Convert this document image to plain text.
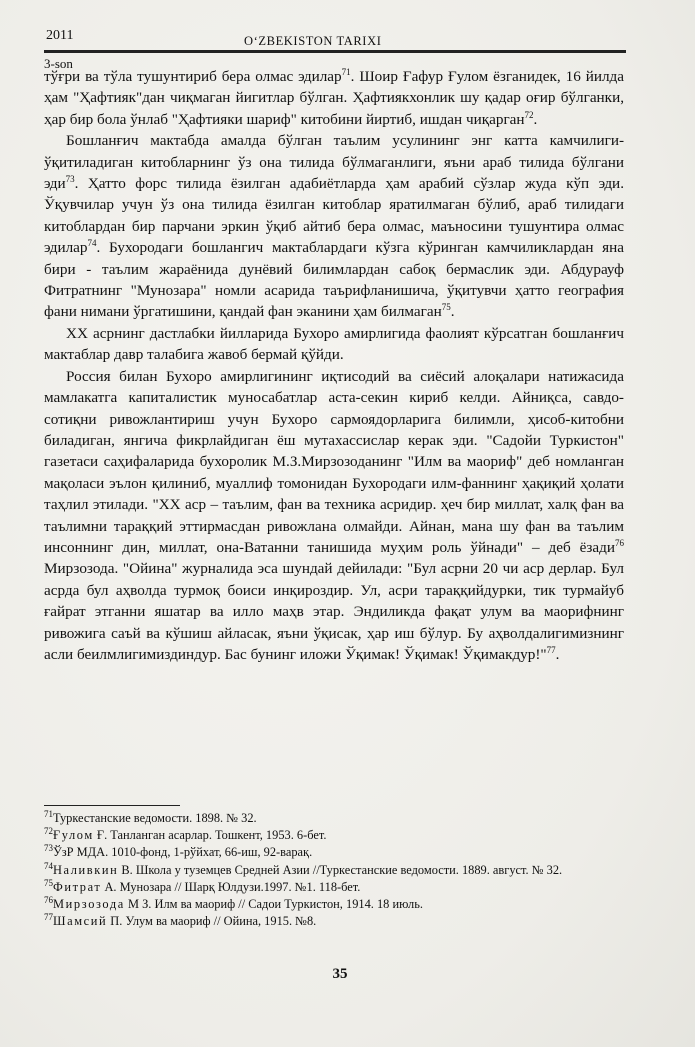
2011	O‘ZBEKISTON TARIXI
3-son

тўғри ва тўла тушунтириб бера олмас эдилар$^{71}$. Шоир Ғафур Ғулом ёзганидек, 16 йилда ҳам "Ҳафтияк"дан чиқмаган йигитлар бўлган. Ҳафтиякхонлик шу қадар оғир бўлганки, ҳар бир бола ўнлаб "Ҳафтияки шариф" китобини йиртиб, ишдан чиқарган$^{72}$.

Бошланғич мактабда амалда бўлган таълим усулининг энг катта камчилиги-ўқитиладиган китобларнинг ўз она тилида бўлмаганлиги, яъни араб тилида бўлгани эди$^{73}$. Ҳатто форс тилида ёзилган адабиётларда ҳам арабий сўзлар жуда кўп эди. Ўқувчилар учун ўз она тилида ёзилган китоблар яратилмаган бўлиб, араб тилидаги китоблардан бир парчани эркин ўқиб айтиб бера олмас, маъносини тушунтира олмас эдилар$^{74}$. Бухородаги бошлангич мактаблардаги кўзга кўринган камчиликлардан яна бири - таълим жараёнида дунёвий билимлардан сабоқ бермаслик эди. Абдурауф Фитратнинг "Мунозара" номли асарида таърифланишича, ўқитувчи ҳатто география фани нимани ўргатишини, қандай фан эканини ҳам билмаган$^{75}$.

XX асрнинг дастлабки йилларида Бухоро амирлигида фаолият кўрсатган бошланғич мактаблар давр талабига жавоб бермай қўйди.

Россия билан Бухоро амирлигининг иқтисодий ва сиёсий алоқалари натижасида мамлакатга капиталистик муносабатлар аста-секин кириб келди. Айниқса, савдо-сотиқни ривожлантириш учун Бухоро сармоядорларига билимли, ҳисоб-китобни биладиган, янгича фикрлайдиган ёш мутахассислар керак эди. "Садойи Туркистон" газетаси саҳифаларида бухоролик М.З.Мирзозоданинг "Илм ва маориф" деб номланган мақоласи эълон қилиниб, муаллиф томонидан Бухородаги илм-фаннинг ҳақиқий ҳолати таҳлил этилади. "XX аср – таълим, фан ва техника асридир. ҳеч бир миллат, халқ фан ва таълимни тараққий эттирмасдан ривожлана олмайди. Айнан, мана шу фан ва таълим инсоннинг дин, миллат, она-Ватанни танишида муҳим роль ўйнади" – деб ёзади$^{76}$ Мирзозода. "Ойина" журналида эса шундай дейилади: "Бул асрни 20 чи аср дерлар. Бул асрда бул аҳволда турмоқ боиси инқироздир. Ул, асри тараққийдурки, тик турмайуб ғайрат этганни яшатар ва илло маҳв этар. Эндиликда фақат улум ва маорифнинг ривожига саъй ва кўшиш айласак, яъни ўқисак, ҳар иш бўлур. Бу аҳволдалигимизнинг асли беилмлигимиздиндур. Бас бунинг иложи Ўқимак! Ўқимак! Ўқимакдур!"$^{77}$.

$^{71}$Туркестанские ведомости. 1898. № 32.

$^{72}$Ғулом Ғ. Танланган асарлар. Тошкент, 1953. 6-бет.

$^{73}$ЎзР МДА. 1010-фонд, 1-рўйхат, 66-иш, 92-варақ.

$^{74}$Наливкин В. Школа у туземцев Средней Азии //Туркестанские ведомости. 1889. август. № 32.

$^{75}$Фитрат А. Мунозара // Шарқ Юлдузи.1997. №1. 118-бет.

$^{76}$Мирзозода М З. Илм ва маориф // Садои Туркистон, 1914. 18 июль.

$^{77}$Шамсий П. Улум ва маориф // Ойина, 1915. №8.

35
